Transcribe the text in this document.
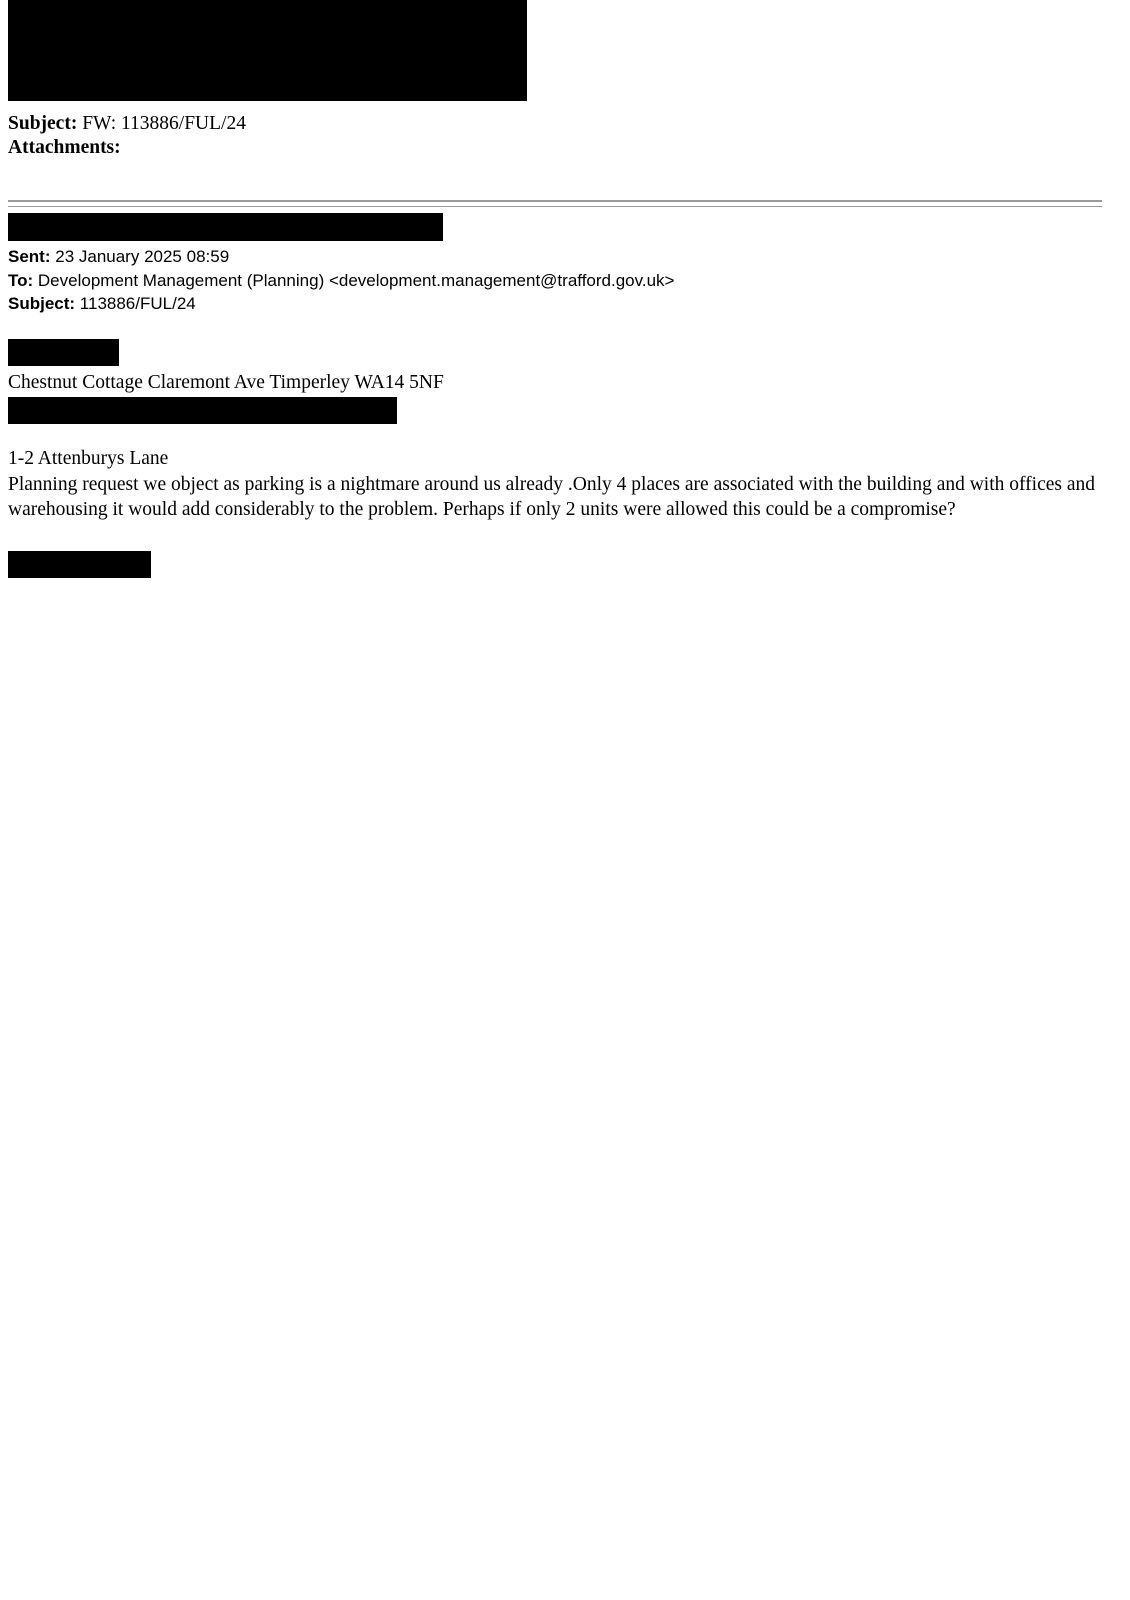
Subject: FW: 113886/FUL/24
Attachments:
Sent: 23 January 2025 08:59
To: Development Management (Planning) <development.management@trafford.gov.uk>
Subject: 113886/FUL/24
Chestnut Cottage Claremont Ave Timperley WA14 5NF

1-2 Attenburys Lane

Planning request we object as parking is a nightmare around us already .Only 4 places are associated with the building and with offices and

warehousing it would add considerably to the problem. Perhaps if only 2 units were allowed this could be a compromise?
